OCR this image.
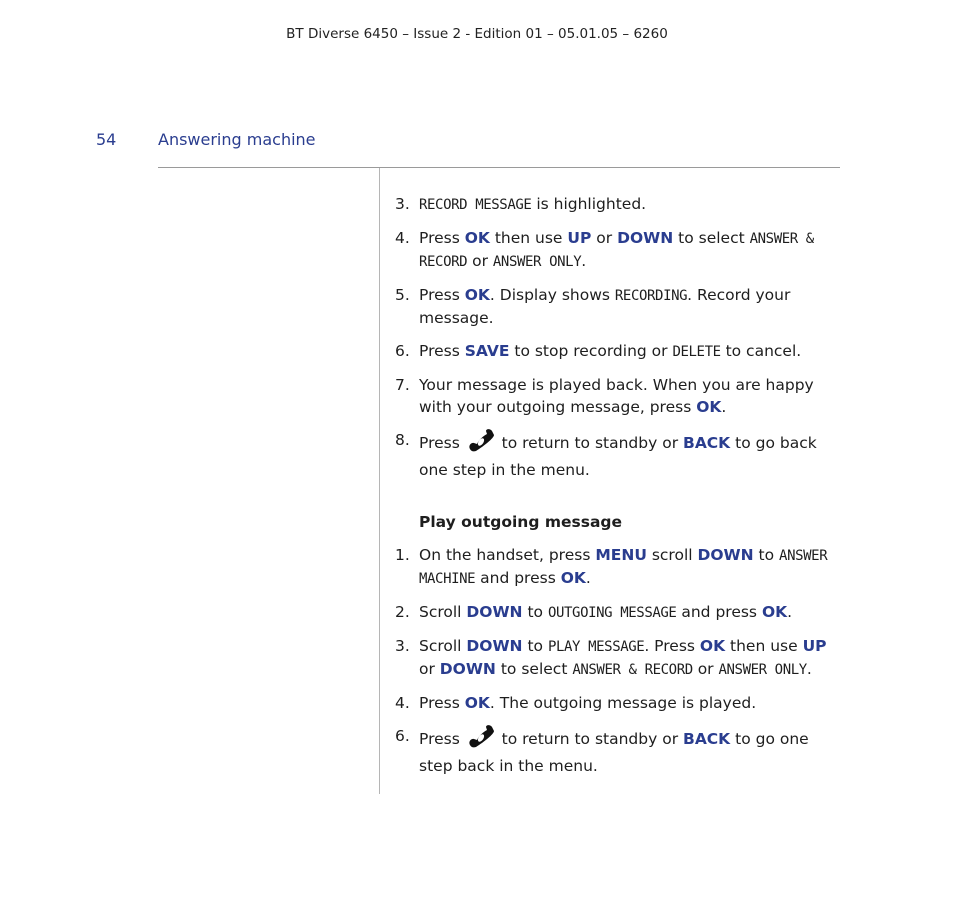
BT Diverse 6450 – Issue 2 - Edition 01 – 05.01.05 – 6260
54	Answering machine
3. RECORD MESSAGE is highlighted.
4. Press OK then use UP or DOWN to select ANSWER & RECORD or ANSWER ONLY.
5. Press OK. Display shows RECORDING. Record your message.
6. Press SAVE to stop recording or DELETE to cancel.
7. Your message is played back. When you are happy with your outgoing message, press OK.
8. Press  to return to standby or BACK to go back one step in the menu.
Play outgoing message
1. On the handset, press MENU scroll DOWN to ANSWER MACHINE and press OK.
2. Scroll DOWN to OUTGOING MESSAGE and press OK.
3. Scroll DOWN to PLAY MESSAGE. Press OK then use UP or DOWN to select ANSWER & RECORD or ANSWER ONLY.
4. Press OK. The outgoing message is played.
6. Press  to return to standby or BACK to go one step back in the menu.
